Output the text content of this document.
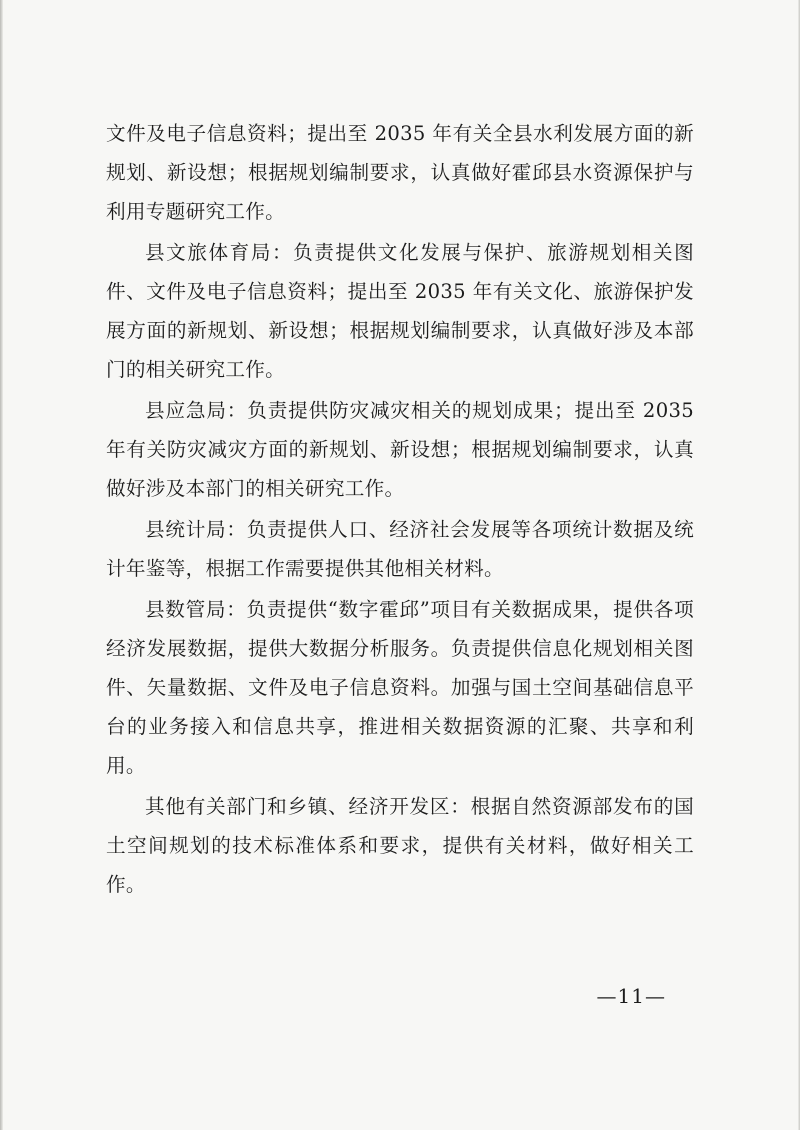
文件及电子信息资料；提出至 2035 年有关全县水利发展方面的新规划、新设想；根据规划编制要求，认真做好霍邱县水资源保护与利用专题研究工作。

县文旅体育局：负责提供文化发展与保护、旅游规划相关图件、文件及电子信息资料；提出至 2035 年有关文化、旅游保护发展方面的新规划、新设想；根据规划编制要求，认真做好涉及本部门的相关研究工作。

县应急局：负责提供防灾减灾相关的规划成果；提出至 2035 年有关防灾减灾方面的新规划、新设想；根据规划编制要求，认真做好涉及本部门的相关研究工作。

县统计局：负责提供人口、经济社会发展等各项统计数据及统计年鉴等，根据工作需要提供其他相关材料。

县数管局：负责提供“数字霍邱”项目有关数据成果，提供各项经济发展数据，提供大数据分析服务。负责提供信息化规划相关图件、矢量数据、文件及电子信息资料。加强与国土空间基础信息平台的业务接入和信息共享，推进相关数据资源的汇聚、共享和利用。

其他有关部门和乡镇、经济开发区：根据自然资源部发布的国土空间规划的技术标准体系和要求，提供有关材料，做好相关工作。

—11—
